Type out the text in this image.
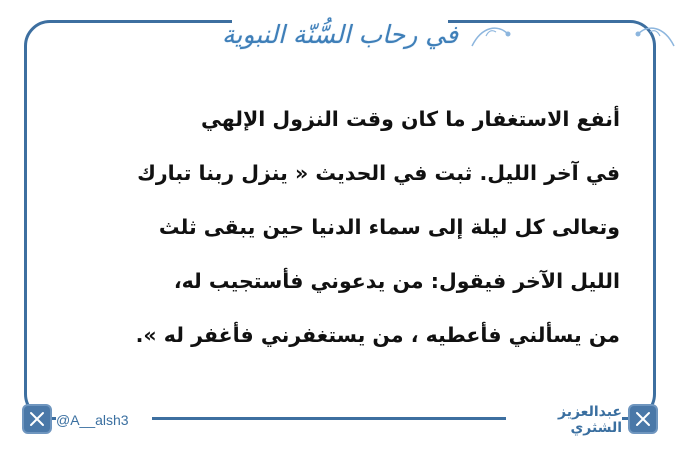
في رحاب السُّنّة النبوية
أنفع الاستغفار ما كان وقت النزول الإلهي
في آخر الليل. ثبت في الحديث « ينزل ربنا تبارك
وتعالى كل ليلة إلى سماء الدنيا حين يبقى ثلث
الليل الآخر فيقول: من يدعوني فأستجيب له،
من يسألني فأعطيه ، من يستغفرني فأغفر له ».
@A__alsh3	عبدالعزيز الشثري
